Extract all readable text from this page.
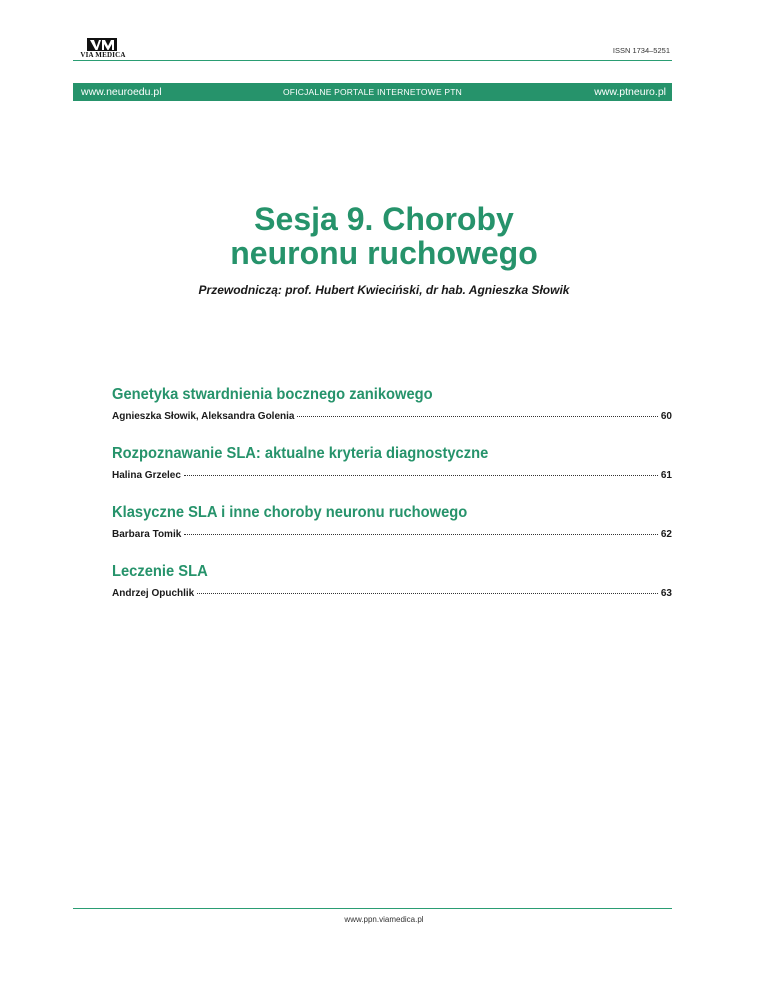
VIA MEDICA	ISSN 1734–5251
www.neuroedu.pl	OFICJALNE PORTALE INTERNETOWE PTN	www.ptneuro.pl
Sesja 9. Choroby
neuronu ruchowego
Przewodniczą: prof. Hubert Kwieciński, dr hab. Agnieszka Słowik
Genetyka stwardnienia bocznego zanikowego
Agnieszka Słowik, Aleksandra Golenia	60
Rozpoznawanie SLA: aktualne kryteria diagnostyczne
Halina Grzelec	61
Klasyczne SLA i inne choroby neuronu ruchowego
Barbara Tomik	62
Leczenie SLA
Andrzej Opuchlik	63
www.ppn.viamedica.pl
